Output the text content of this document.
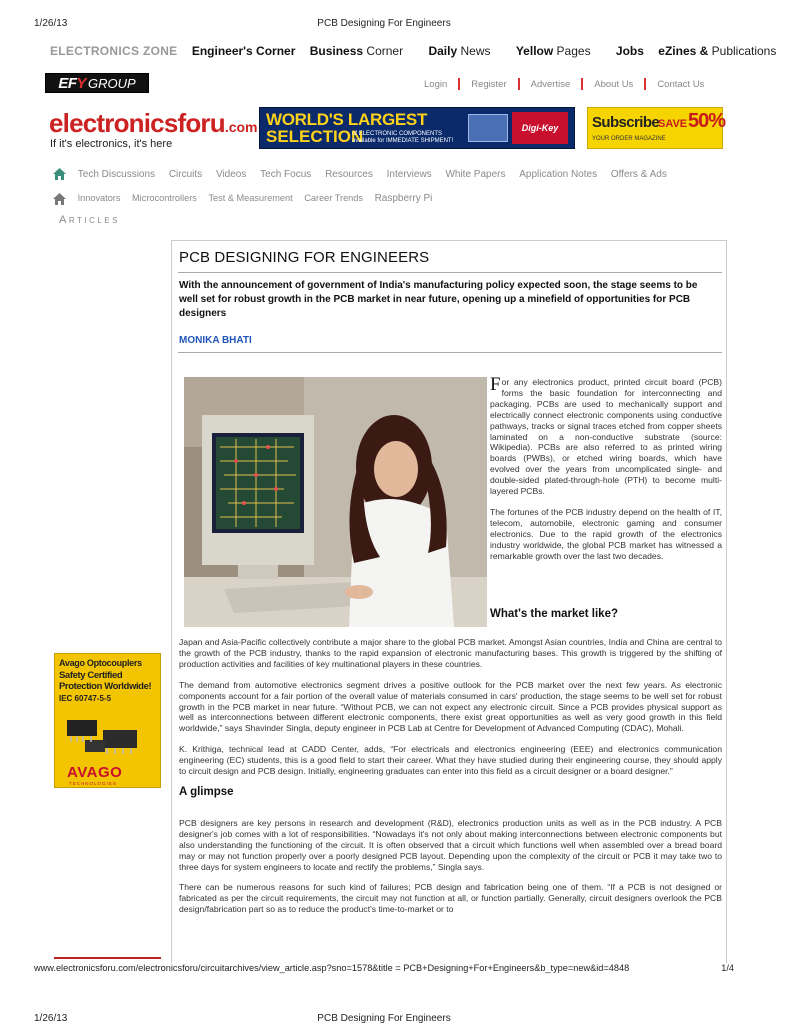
1/26/13	PCB Designing For Engineers
ELECTRONICS ZONE Engineer's Corner Business Corner Daily News Yellow Pages Jobs eZines & Publications
EFY GROUP	Login	Register	Advertise	About Us	Contact Us
electronicsforu.com
If it's electronics, it's here
WORLD'S LARGEST
SELECTION
of ELECTRONIC COMPONENTS available for IMMEDIATE SHIPMENT!
Digi-Key	Subscribe
SAVE 50%
YOUR ORDER MAGAZINE
Tech Discussions Circuits Videos Tech Focus Resources Interviews White Papers Application Notes Offers & Ads
Innovators Microcontrollers Test & Measurement Career Trends Raspberry Pi
Articles
PCB DESIGNING FOR ENGINEERS
With the announcement of government of India's manufacturing policy expected soon, the stage seems to be well set for robust growth in the PCB market in near future, opening up a minefield of opportunities for PCB designers
MONIKA BHATI

For any electronics product, printed circuit board (PCB) forms the basic foundation for interconnecting and packaging. PCBs are used to mechanically support and electrically connect electronic components using conductive pathways, tracks or signal traces etched from copper sheets laminated on a non-conductive substrate (source: Wikipedia). PCBs are also referred to as printed wiring boards (PWBs), or etched wiring boards, which have evolved over the years from uncomplicated single- and double-sided plated-through-hole (PTH) to become multi-layered PCBs.

The fortunes of the PCB industry depend on the health of IT, telecom, automobile, electronic gaming and consumer electronics. Due to the rapid growth of the electronics industry worldwide, the global PCB market has witnessed a remarkable growth over the last two decades.

What's the market like?

Japan and Asia-Pacific collectively contribute a major share to the global PCB market. Amongst Asian countries, India and China are central to the growth of the PCB industry, thanks to the rapid expansion of electronic manufacturing bases. This growth is triggered by the shifting of production activities and facilities of key multinational players in these countries.

The demand from automotive electronics segment drives a positive outlook for the PCB market over the next few years. As electronic components account for a fair portion of the overall value of materials consumed in cars' production, the stage seems to be well set for robust growth in the PCB market in near future. “Without PCB, we can not expect any electronic circuit. Since a PCB provides physical support as well as interconnections between different electronic components, there exist great opportunities as well as very good growth in this field worldwide,” says Shavinder Singla, deputy engineer in PCB Lab at Centre for Development of Advanced Computing (CDAC), Mohali.

K. Krithiga, technical lead at CADD Center, adds, “For electricals and electronics engineering (EEE) and electronics communication engineering (EC) students, this is a good field to start their career. What they have studied during their engineering course, they should apply to circuit design and PCB design. Initially, engineering graduates can enter into this field as a circuit designer or a board designer.”

A glimpse

PCB designers are key persons in research and development (R&D), electronics production units as well as in the PCB industry. A PCB designer's job comes with a lot of responsibilities. “Nowadays it's not only about making interconnections between electronic components but also understanding the functioning of the circuit. It is often observed that a circuit which functions well when assembled over a bread board may or may not function properly over a poorly designed PCB layout. Depending upon the complexity of the circuit or PCB it may take two to three days for system engineers to locate and rectify the problems,” Singla says.

There can be numerous reasons for such kind of failures; PCB design and fabrication being one of them. “If a PCB is not designed or fabricated as per the circuit requirements, the circuit may not function at all, or function partially. Generally, circuit designers overlook the PCB design/fabrication part so as to reduce the product's time-to-market or to

Avago Optocouplers
Safety Certified Protection Worldwide!
IEC 60747-5-5
AVAGO
TECHNOLOGIES
www.electronicsforu.com/electronicsforu/circuitarchives/view_article.asp?sno=1578&title = PCB+Designing+For+Engineers&b_type=new&id=4848	1/4
1/26/13	PCB Designing For Engineers
